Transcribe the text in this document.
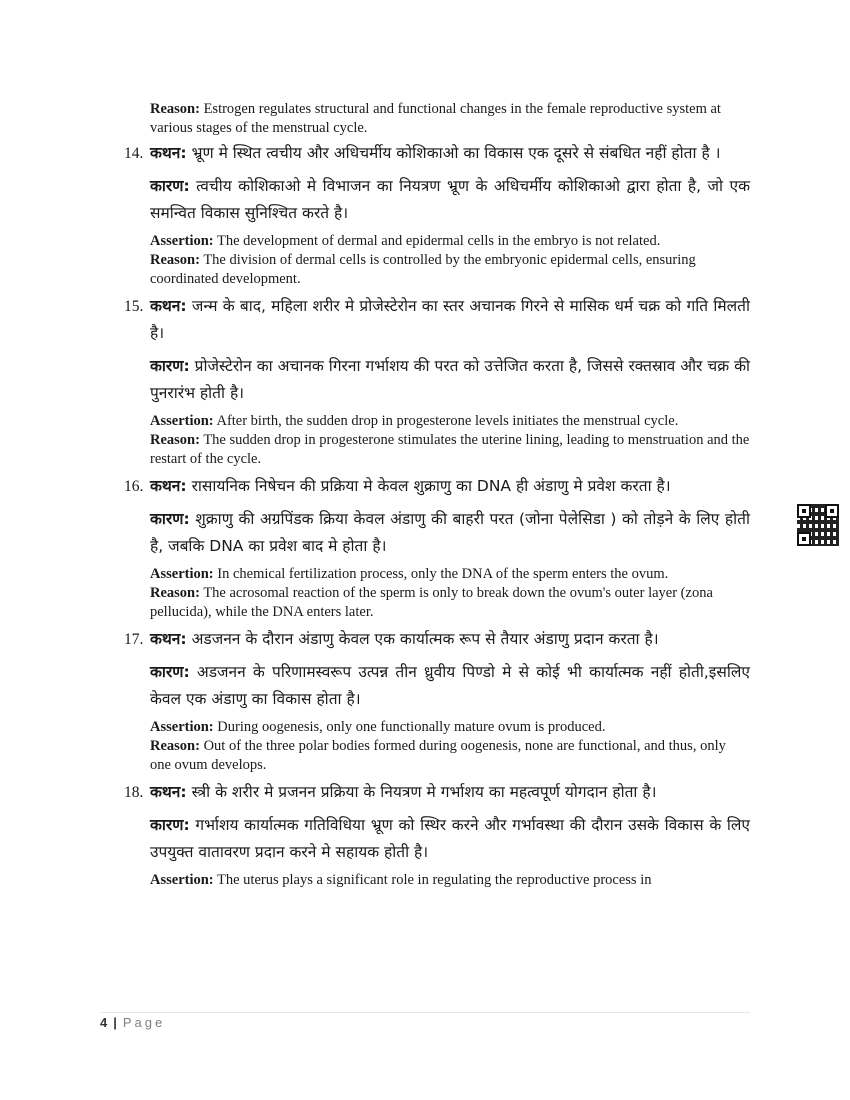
Reason: Estrogen regulates structural and functional changes in the female reproductive system at various stages of the menstrual cycle.

14. कथन: भ्रूण मे स्थित त्वचीय और अधिचर्मीय कोशिकाओ का विकास एक दूसरे से संबधित नहीं होता है ।

कारण: त्वचीय कोशिकाओ मे विभाजन का नियत्रण भ्रूण के अधिचर्मीय कोशिकाओ द्वारा होता है, जो एक समन्वित विकास सुनिश्चित करते है।

Assertion: The development of dermal and epidermal cells in the embryo is not related.

Reason: The division of dermal cells is controlled by the embryonic epidermal cells, ensuring coordinated development.

15. कथन: जन्म के बाद, महिला शरीर मे प्रोजेस्टेरोन का स्तर अचानक गिरने से मासिक धर्म चक्र को गति मिलती है।

कारण: प्रोजेस्टेरोन का अचानक गिरना गर्भाशय की परत को उत्तेजित करता है, जिससे रक्तस्राव और चक्र की पुनरारंभ होती है।

Assertion: After birth, the sudden drop in progesterone levels initiates the menstrual cycle.

Reason: The sudden drop in progesterone stimulates the uterine lining, leading to menstruation and the restart of the cycle.

16. कथन: रासायनिक निषेचन की प्रक्रिया मे केवल शुक्राणु का DNA ही अंडाणु मे प्रवेश करता है।

कारण: शुक्राणु की अग्रपिंडक क्रिया केवल अंडाणु की बाहरी परत (जोना पेलेसिडा ) को तोड़ने के लिए होती है, जबकि DNA का प्रवेश बाद मे होता है।

Assertion: In chemical fertilization process, only the DNA of the sperm enters the ovum.

Reason: The acrosomal reaction of the sperm is only to break down the ovum's outer layer (zona pellucida), while the DNA enters later.

17. कथन: अडजनन के दौरान अंडाणु केवल एक कार्यात्मक रूप से तैयार अंडाणु प्रदान करता है।

कारण: अडजनन के परिणामस्वरूप उत्पन्न तीन ध्रुवीय पिण्डो मे से कोई भी कार्यात्मक नहीं होती,इसलिए केवल एक अंडाणु का विकास होता है।

Assertion: During oogenesis, only one functionally mature ovum is produced.

Reason: Out of the three polar bodies formed during oogenesis, none are functional, and thus, only one ovum develops.

18. कथन: स्त्री के शरीर मे प्रजनन प्रक्रिया के नियत्रण मे गर्भाशय का महत्वपूर्ण योगदान होता है।

कारण: गर्भाशय कार्यात्मक गतिविधिया भ्रूण को स्थिर करने और गर्भावस्था की दौरान उसके विकास के लिए उपयुक्त वातावरण प्रदान करने मे सहायक होती है।

Assertion: The uterus plays a significant role in regulating the reproductive process in

4 | Page
